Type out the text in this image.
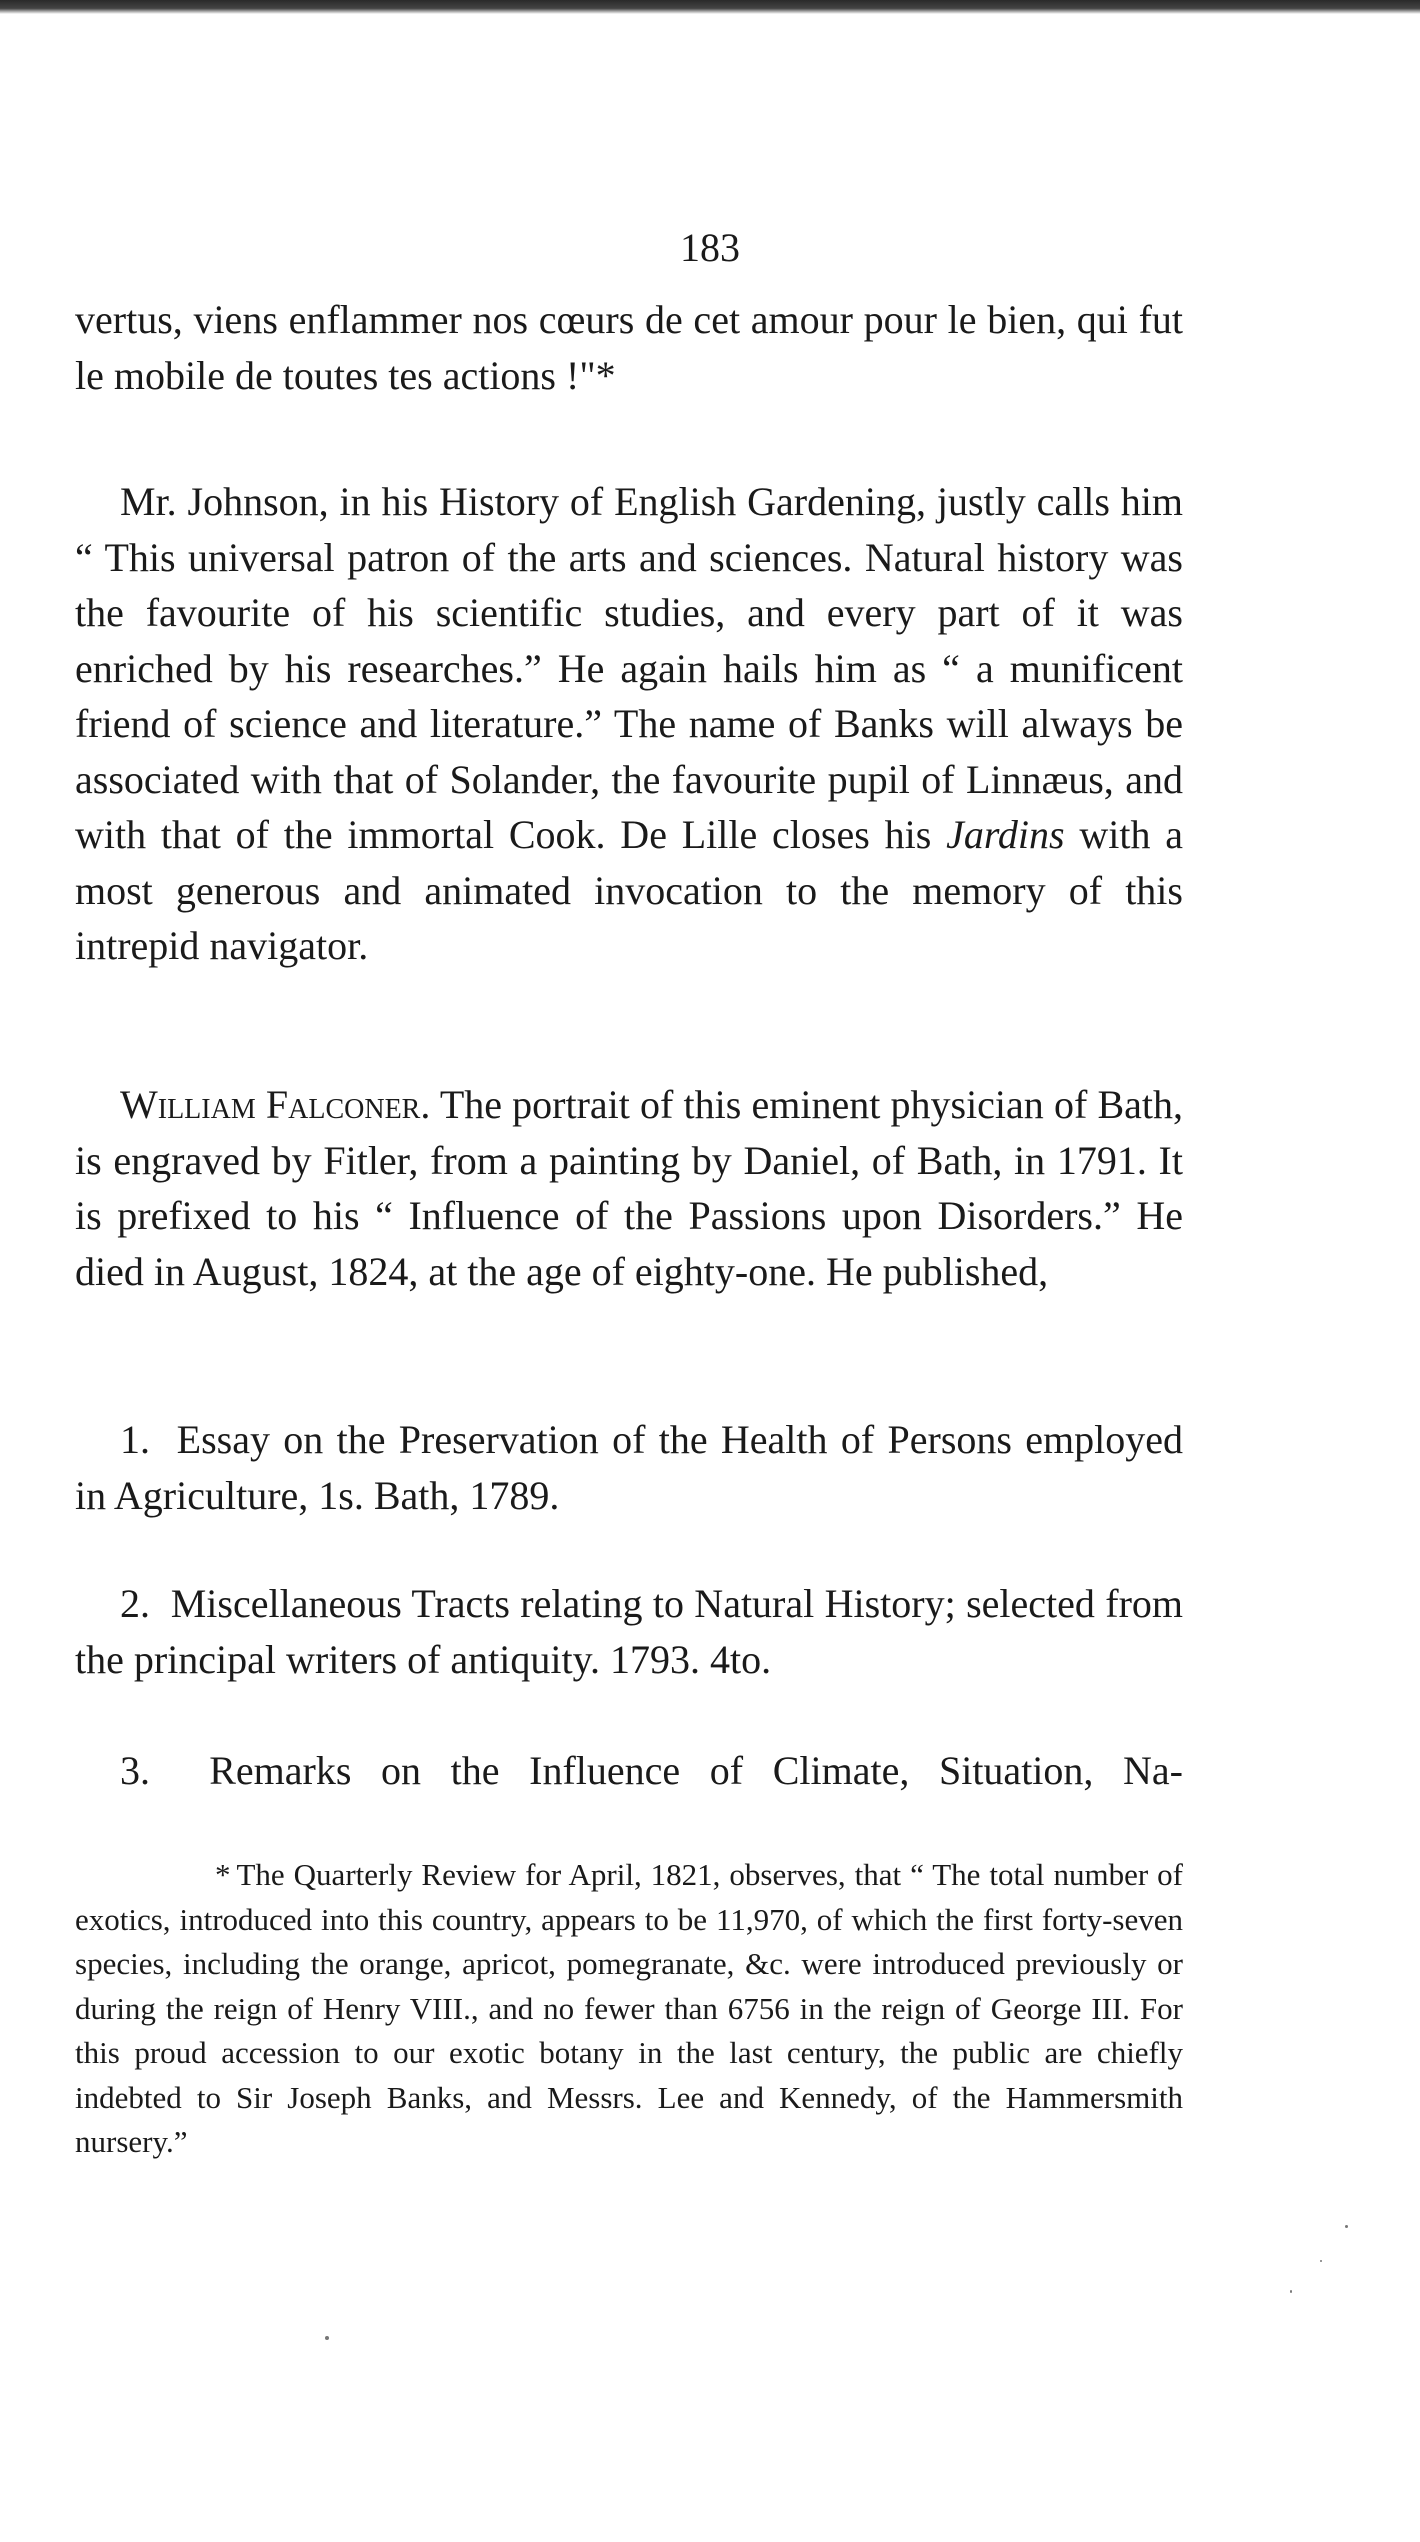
183

vertus, viens enflammer nos cœurs de cet amour pour le bien, qui fut le mobile de toutes tes actions !"*

Mr. Johnson, in his History of English Gardening, justly calls him “ This universal patron of the arts and sciences. Natural history was the favourite of his scientific studies, and every part of it was enriched by his researches.” He again hails him as “ a munificent friend of science and literature.” The name of Banks will always be associated with that of Solander, the favourite pupil of Linnæus, and with that of the immortal Cook. De Lille closes his Jardins with a most generous and animated invocation to the memory of this intrepid navigator.

William Falconer. The portrait of this eminent physician of Bath, is engraved by Fitler, from a painting by Daniel, of Bath, in 1791. It is prefixed to his “ Influence of the Passions upon Disorders.” He died in August, 1824, at the age of eighty-one. He published,

1. Essay on the Preservation of the Health of Persons employed in Agriculture, 1s. Bath, 1789.

2. Miscellaneous Tracts relating to Natural History; selected from the principal writers of antiquity. 1793. 4to.

3. Remarks on the Influence of Climate, Situation, Na-

* The Quarterly Review for April, 1821, observes, that “ The total number of exotics, introduced into this country, appears to be 11,970, of which the first forty-seven species, including the orange, apricot, pomegranate, &c. were introduced previously or during the reign of Henry VIII., and no fewer than 6756 in the reign of George III. For this proud accession to our exotic botany in the last century, the public are chiefly indebted to Sir Joseph Banks, and Messrs. Lee and Kennedy, of the Hammersmith nursery.”
